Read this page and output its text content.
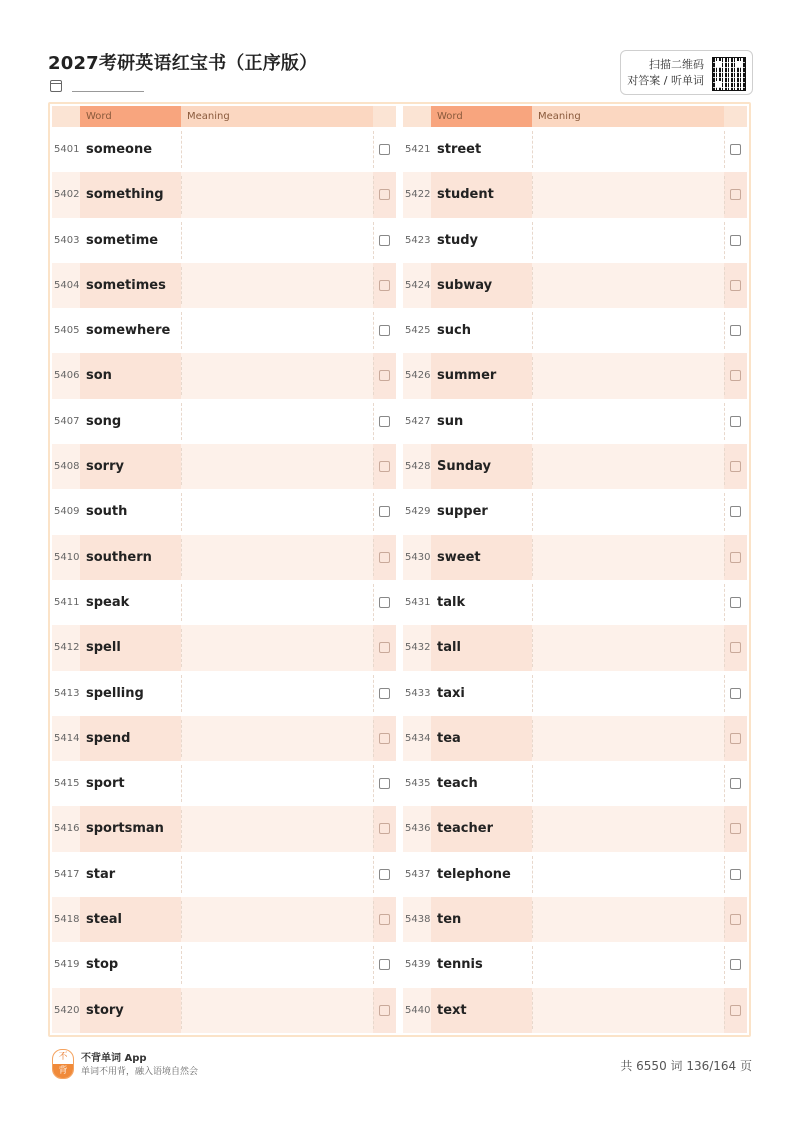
2027考研英语红宝书（正序版）	扫描二维码
对答案 / 听单词
Word	Meaning
5401 someone
5402 something
5403 sometime
5404 sometimes
5405 somewhere
5406 son
5407 song
5408 sorry
5409 south
5410 southern
5411 speak
5412 spell
5413 spelling
5414 spend
5415 sport
5416 sportsman
5417 star
5418 steal
5419 stop
5420 story
Word	Meaning
5421 street
5422 student
5423 study
5424 subway
5425 such
5426 summer
5427 sun
5428 Sunday
5429 supper
5430 sweet
5431 talk
5432 tall
5433 taxi
5434 tea
5435 teach
5436 teacher
5437 telephone
5438 ten
5439 tennis
5440 text
不
背
不背单词 App
单词不用背，融入语境自然会	共 6550 词 136/164 页
